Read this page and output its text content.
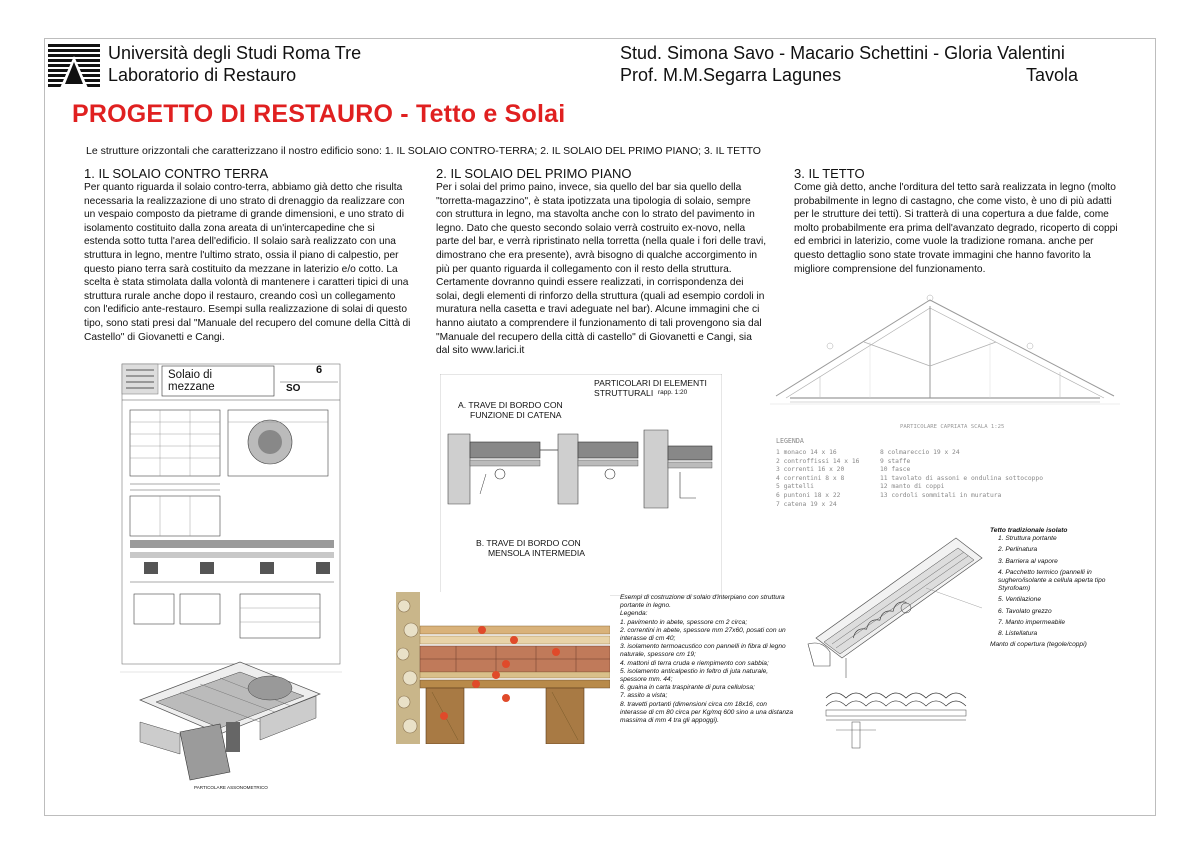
Università degli Studi Roma Tre
Laboratorio di Restauro
Stud. Simona Savo - Macario Schettini - Gloria Valentini
Prof. M.M.Segarra Lagunes	Tavola
PROGETTO DI RESTAURO - Tetto e Solai
Le strutture orizzontali che caratterizzano il nostro edificio sono: 1. IL SOLAIO CONTRO-TERRA; 2. IL SOLAIO DEL PRIMO PIANO; 3. IL TETTO
1. IL SOLAIO CONTRO TERRA
Per quanto riguarda il solaio contro-terra, abbiamo già detto che risulta necessaria la realizzazione di uno strato di drenaggio da realizzare con un vespaio composto da pietrame di grande dimensioni, e uno strato di isolamento costituito dalla zona areata di un'intercapedine che si estenda sotto tutta l'area dell'edificio. Il solaio sarà realizzato con una struttura in legno, mentre l'ultimo strato, ossia il piano di calpestio, per questo piano terra sarà costituito da mezzane in laterizio e/o cotto. La scelta è stata stimolata dalla volontà di mantenere i caratteri tipici di una struttura rurale anche dopo il restauro, creando così un collegamento con l'edificio ante-restauro. Esempi sulla realizzazione di solai di questo tipo, sono stati presi dal "Manuale del recupero del comune della Città di Castello" di Giovanetti e Cangi.
2. IL SOLAIO DEL PRIMO PIANO
Per i solai del primo paino, invece, sia quello del bar sia quello della "torretta-magazzino", è stata ipotizzata una tipologia di solaio, sempre con struttura in legno, ma stavolta anche con lo strato del pavimento in legno. Dato che questo secondo solaio verrà costruito ex-novo, nella parte del bar, e verrà ripristinato nella torretta (nella quale i fori delle travi, dimostrano che era presente), avrà bisogno di qualche accorgimento in più per quanto riguarda il collegamento con il resto della struttura. Certamente dovranno quindi essere realizzati, in corrispondenza dei solai, degli elementi di rinforzo della struttura (quali ad esempio cordoli in muratura nella casetta e travi adeguate nel bar). Alcune immagini che ci hanno aiutato a comprendere il funzionamento di tali provengono sia dal "Manuale del recupero della città di castello" di Giovanetti e Cangi, sia dal sito www.larici.it
3. IL TETTO
Come già detto, anche l'orditura del tetto sarà realizzata in legno (molto probabilmente in legno di castagno, che come visto, è uno di più adatti per le strutture dei tetti). Si tratterà di una copertura a due falde, come molto probabilmente era prima dell'avanzato degrado, ricoperto di coppi ed embrici in laterizio, come vuole la tradizione romana. anche per questo dettaglio sono state trovate immagini che hanno favorito la migliore comprensione del funzionamento.
Solaio di
mezzane
6
SO
PARTICOLARE ASSONOMETRICO
PARTICOLARI DI ELEMENTI
STRUTTURALI rapp. 1:20
A. TRAVE DI BORDO CON
FUNZIONE DI CATENA
B. TRAVE DI BORDO CON
MENSOLA INTERMEDIA
Esempi di costruzione di solaio d'interpiano con struttura portante in legno.
Legenda:
1. pavimento in abete, spessore cm 2 circa;
2. correntini in abete, spessore mm 27x60, posati con un interasse di cm 40;
3. isolamento termoacustico con pannelli in fibra di legno naturale, spessore cm 19;
4. mattoni di terra cruda e riempimento con sabbia;
5. isolamento anticalpestio in feltro di juta naturale, spessore mm. 44;
6. guaina in carta traspirante di pura cellulosa;
7. assito a vista;
8. travetti portanti (dimensioni circa cm 18x16, con interasse di cm 80 circa per Kg/mq 600 sino a una distanza massima di mm 4 tra gli appoggi).
PARTICOLARE CAPRIATA SCALA 1:25
LEGENDA
1 monaco 14 x 16
2 controffissi 14 x 16
3 correnti 16 x 20
4 correntini 8 x 8
5 gattelli
6 puntoni 18 x 22
7 catena 19 x 24
8 colmareccio 19 x 24
9 staffe
10 fasce
11 tavolato di assoni e ondulina sottocoppo
12 manto di coppi
13 cordoli sommitali in muratura
Tetto tradizionale isolato
1. Struttura portante
2. Perlinatura
3. Barriera al vapore
4. Pacchetto termico (pannelli in sughero/isolante a cellula aperta tipo Styrofoam)
5. Ventilazione
6. Tavolato grezzo
7. Manto impermeabile
8. Listellatura
Manto di copertura (tegole/coppi)
